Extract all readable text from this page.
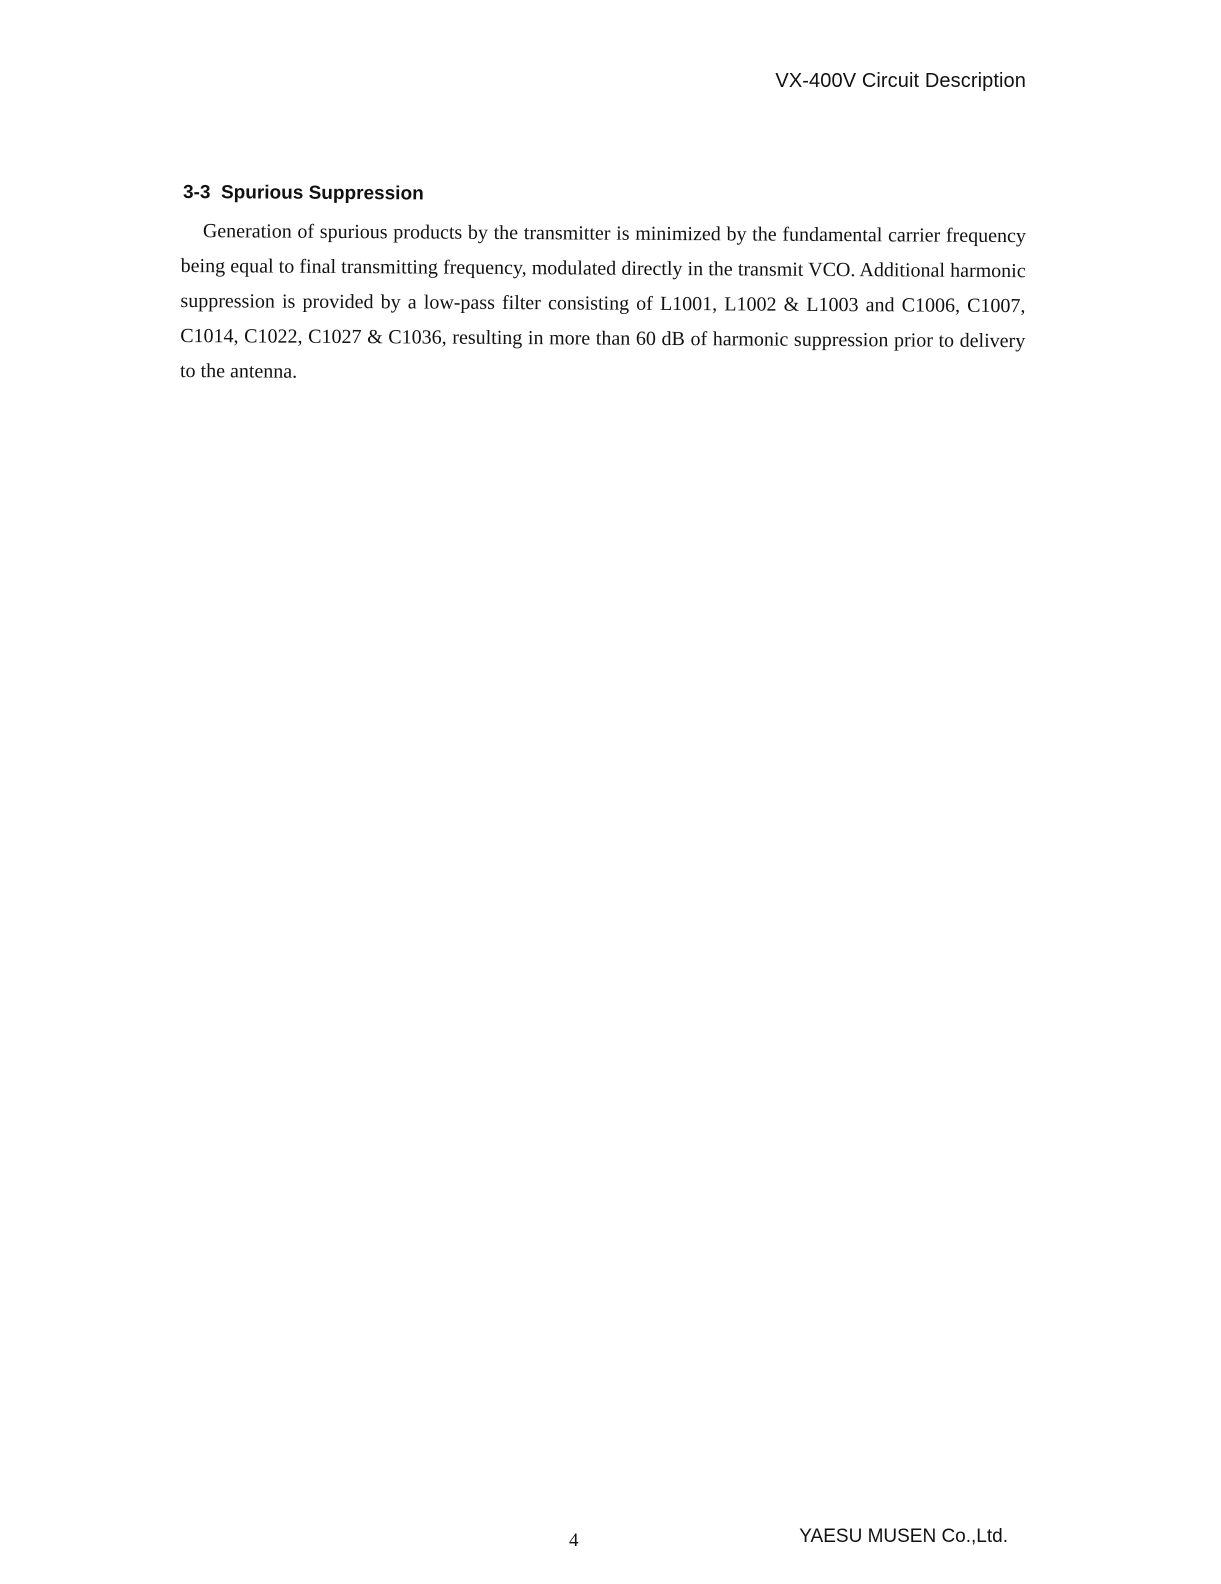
VX-400V Circuit Description
3-3  Spurious Suppression

Generation of spurious products by the transmitter is minimized by the fundamental carrier frequency being equal to final transmitting frequency, modulated directly in the transmit VCO. Additional harmonic suppression is provided by a low-pass filter consisting of L1001, L1002 & L1003 and C1006, C1007, C1014, C1022, C1027 & C1036, resulting in more than 60 dB of harmonic suppression prior to delivery to the antenna.

4	YAESU MUSEN Co.,Ltd.
